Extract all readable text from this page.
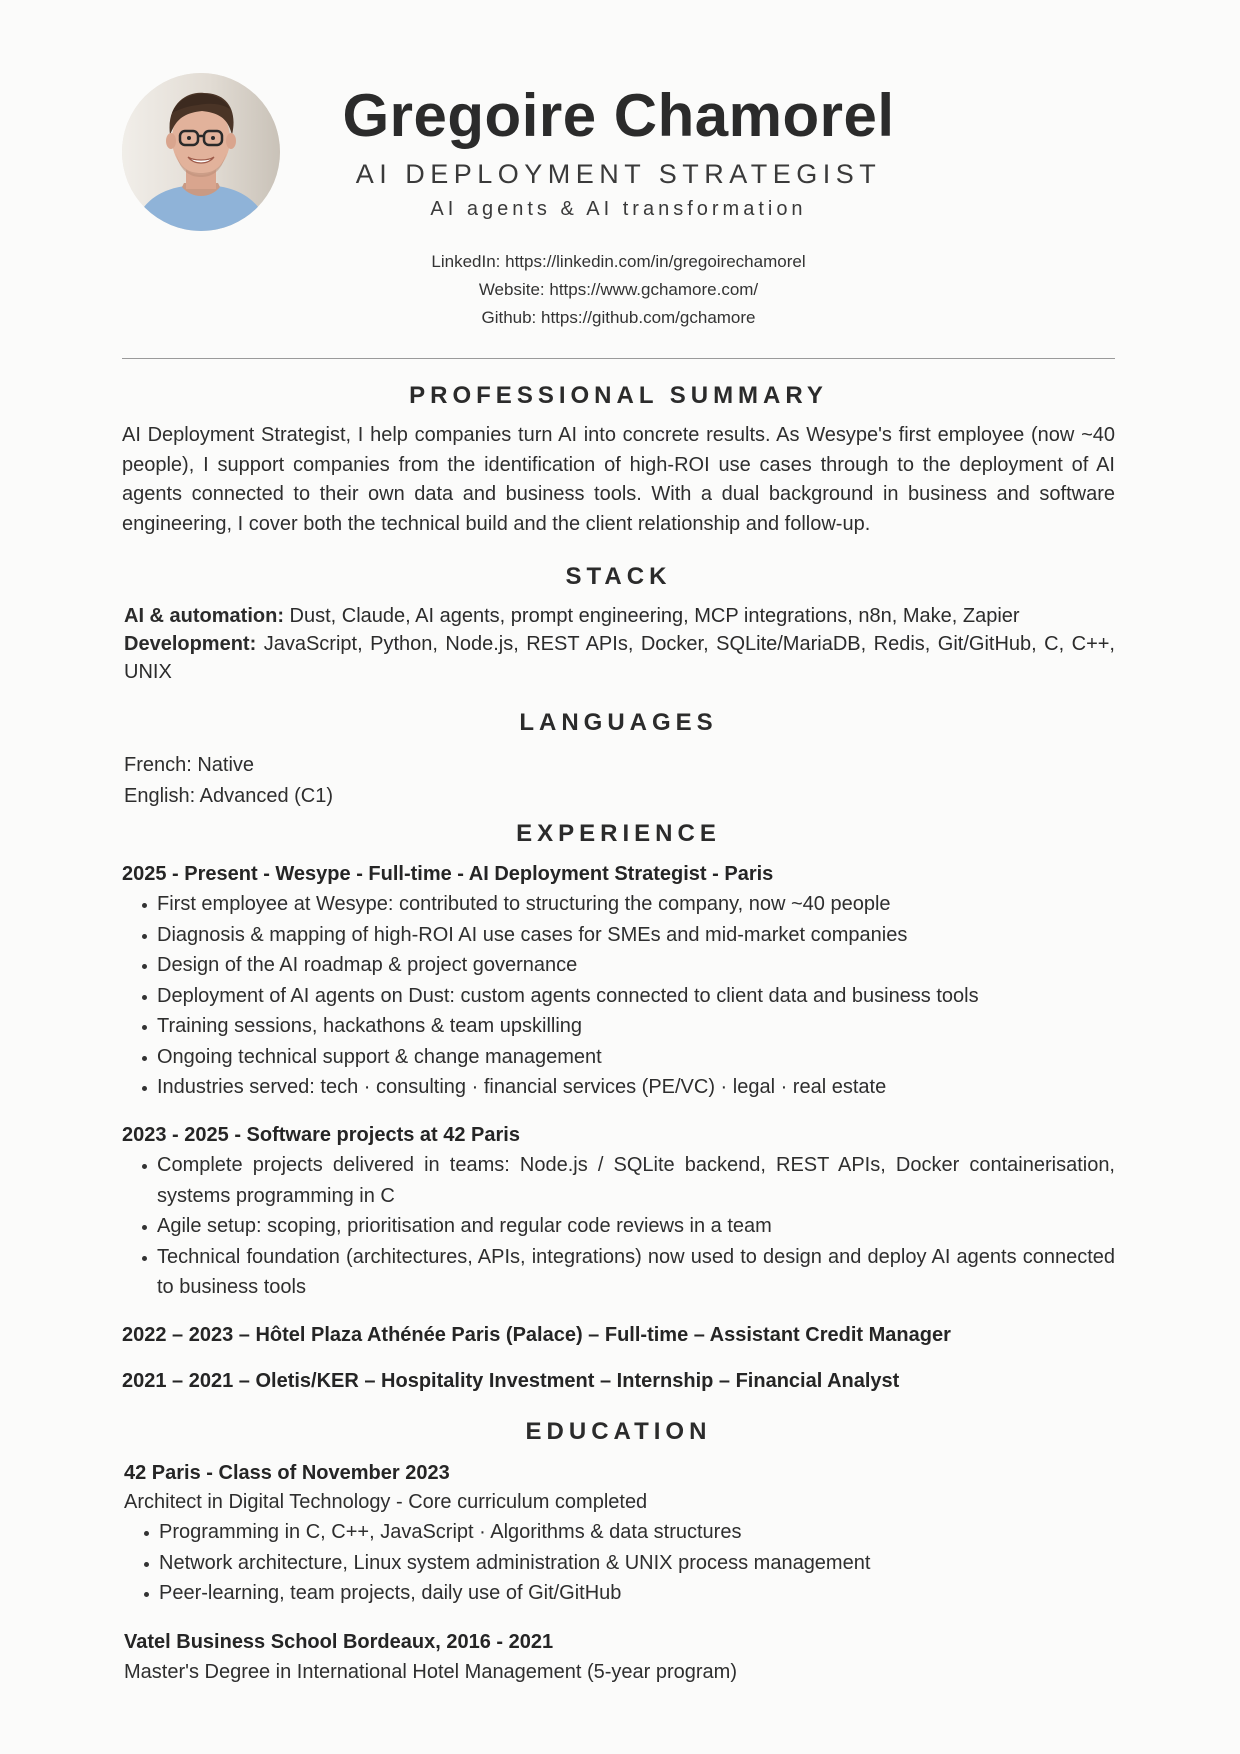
Gregoire Chamorel
AI DEPLOYMENT STRATEGIST
AI agents & AI transformation
LinkedIn: https://linkedin.com/in/gregoirechamorel
Website: https://www.gchamore.com/
Github: https://github.com/gchamore
PROFESSIONAL SUMMARY
AI Deployment Strategist, I help companies turn AI into concrete results. As Wesype's first employee (now ~40 people), I support companies from the identification of high-ROI use cases through to the deployment of AI agents connected to their own data and business tools. With a dual background in business and software engineering, I cover both the technical build and the client relationship and follow-up.
STACK
AI & automation: Dust, Claude, AI agents, prompt engineering, MCP integrations, n8n, Make, Zapier
Development: JavaScript, Python, Node.js, REST APIs, Docker, SQLite/MariaDB, Redis, Git/GitHub, C, C++, UNIX
LANGUAGES
French: Native
English: Advanced (C1)
EXPERIENCE
2025 - Present - Wesype - Full-time - AI Deployment Strategist - Paris
First employee at Wesype: contributed to structuring the company, now ~40 people
Diagnosis & mapping of high-ROI AI use cases for SMEs and mid-market companies
Design of the AI roadmap & project governance
Deployment of AI agents on Dust: custom agents connected to client data and business tools
Training sessions, hackathons & team upskilling
Ongoing technical support & change management
Industries served: tech · consulting · financial services (PE/VC) · legal · real estate
2023 - 2025 - Software projects at 42 Paris
Complete projects delivered in teams: Node.js / SQLite backend, REST APIs, Docker containerisation, systems programming in C
Agile setup: scoping, prioritisation and regular code reviews in a team
Technical foundation (architectures, APIs, integrations) now used to design and deploy AI agents connected to business tools
2022 – 2023 – Hôtel Plaza Athénée Paris (Palace) – Full-time – Assistant Credit Manager
2021 – 2021 – Oletis/KER – Hospitality Investment – Internship – Financial Analyst
EDUCATION
42 Paris - Class of November 2023
Architect in Digital Technology - Core curriculum completed
Programming in C, C++, JavaScript · Algorithms & data structures
Network architecture, Linux system administration & UNIX process management
Peer-learning, team projects, daily use of Git/GitHub
Vatel Business School Bordeaux, 2016 - 2021
Master's Degree in International Hotel Management (5-year program)
